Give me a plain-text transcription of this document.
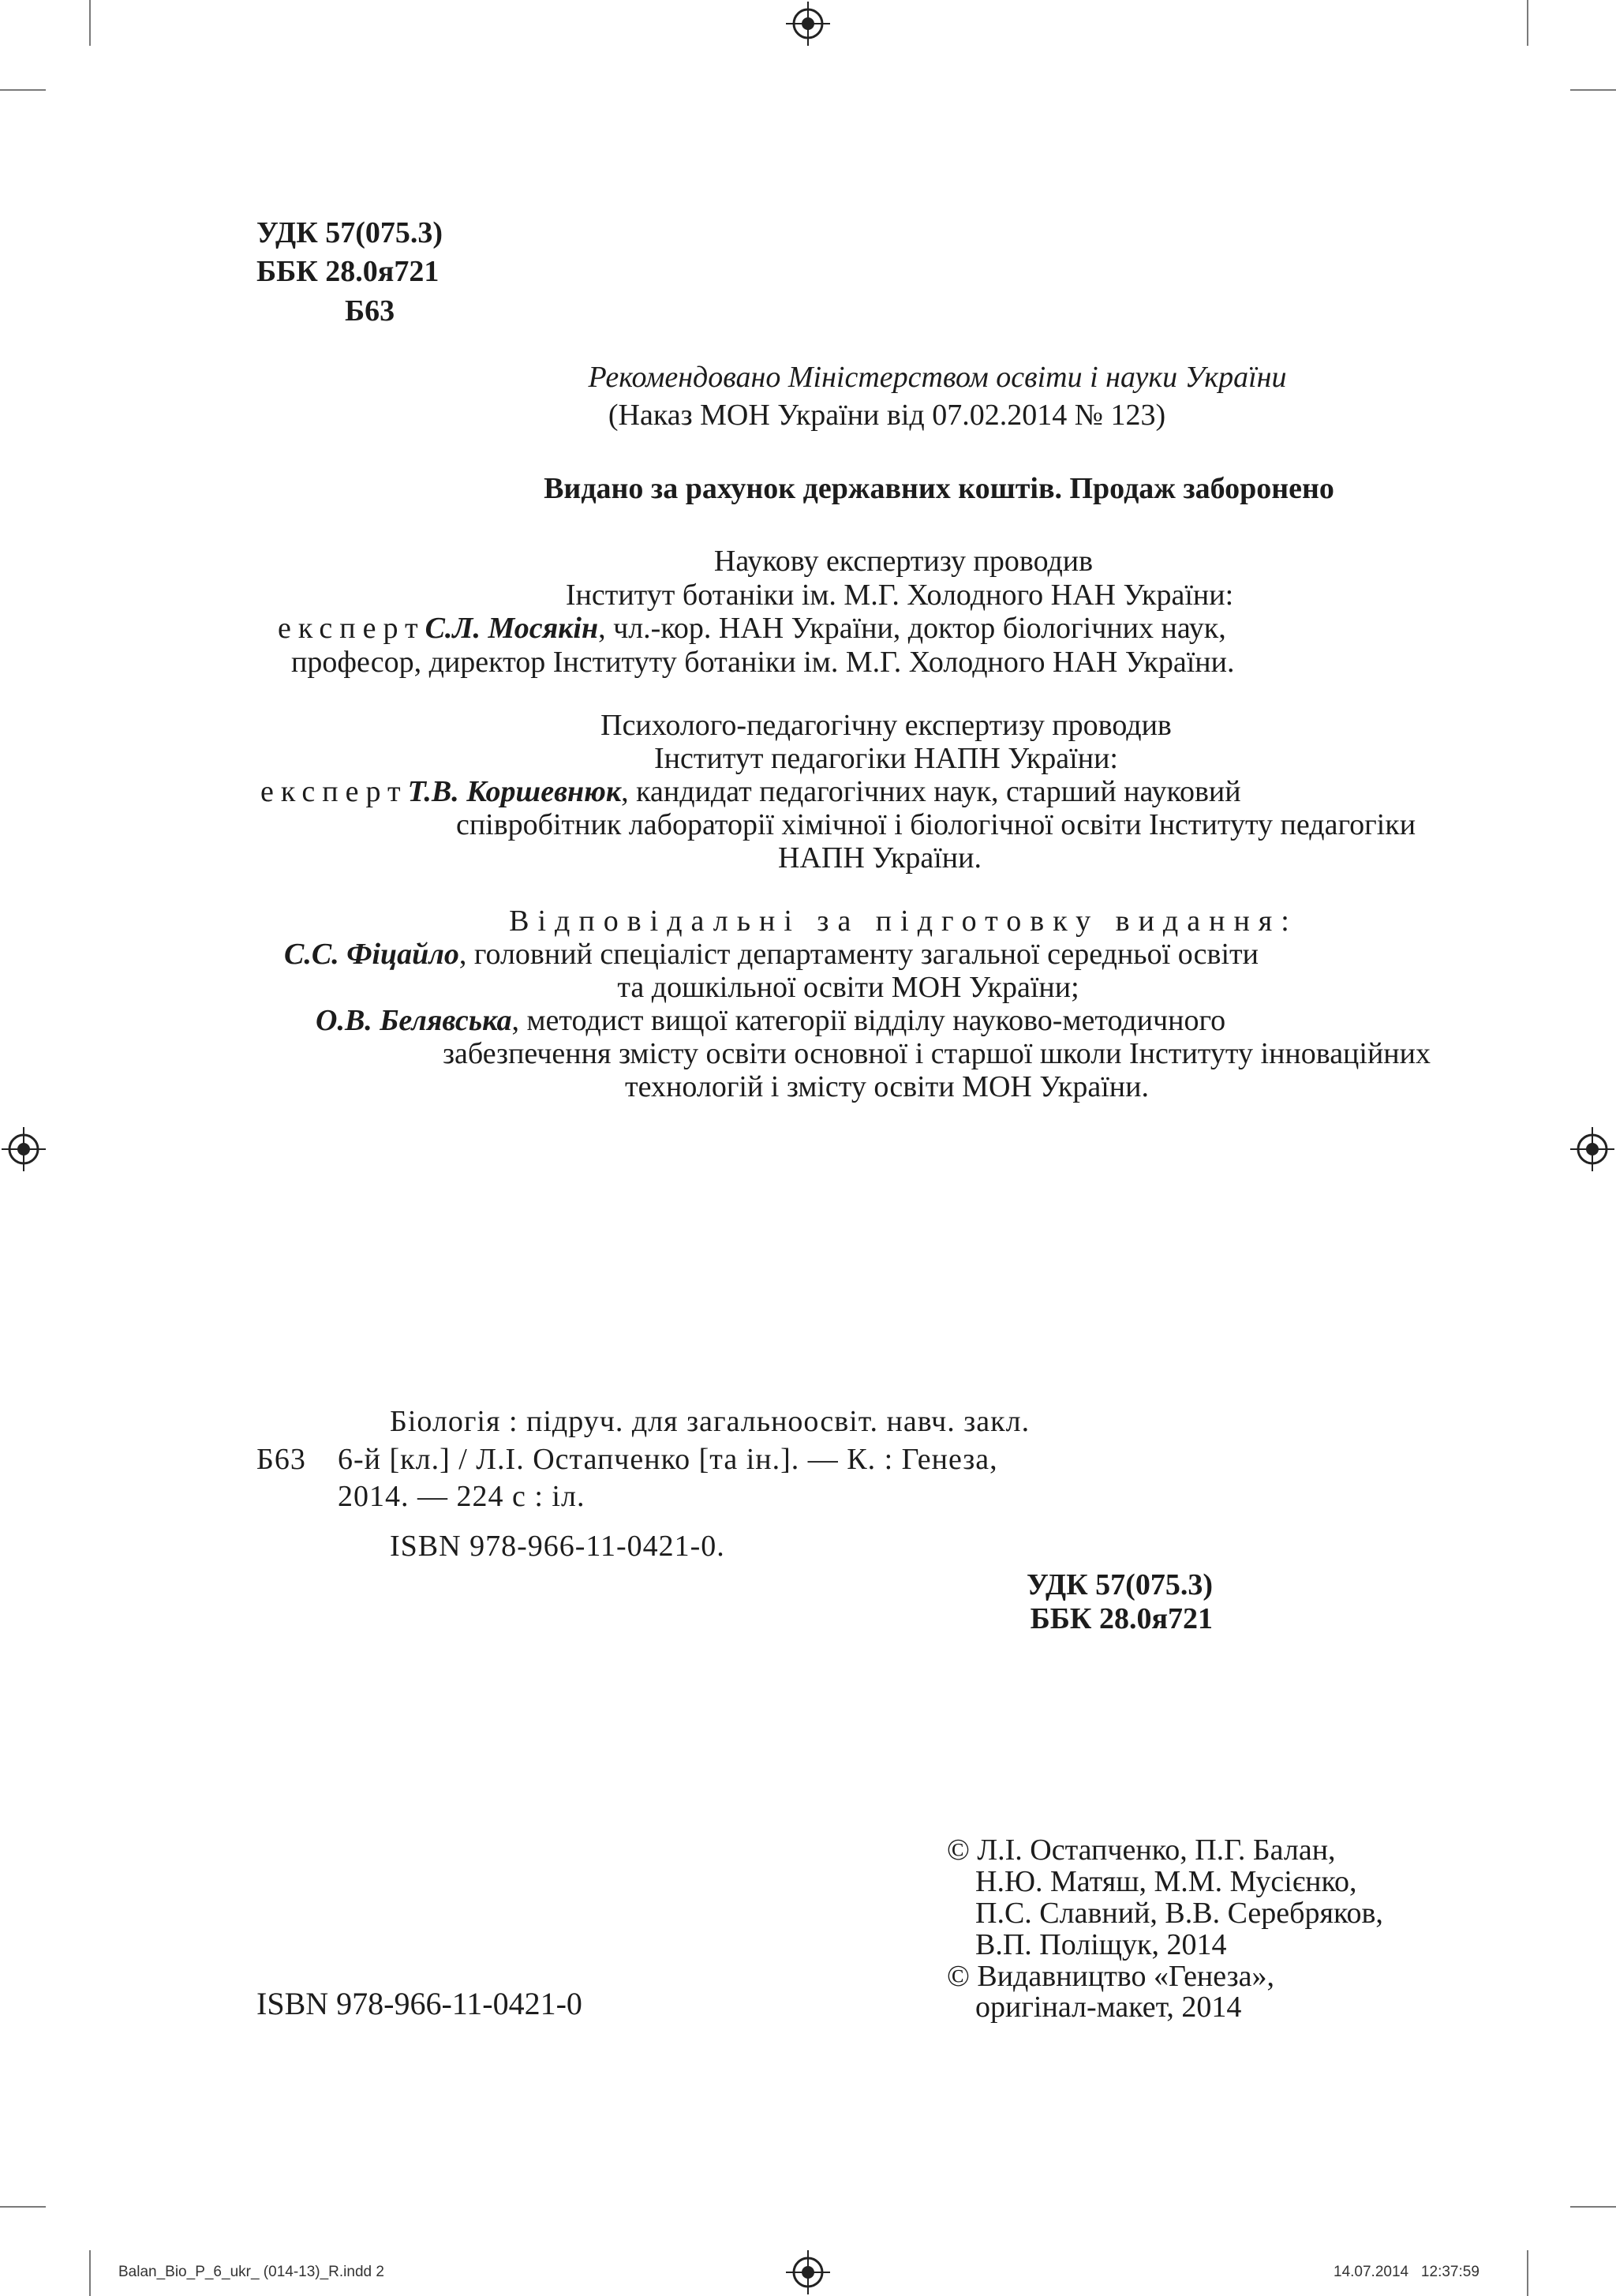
УДК 57(075.3)
ББК 28.0я721
Б63
Рекомендовано Міністерством освіти і науки України
(Наказ МОН України від 07.02.2014 № 123)
Видано за рахунок державних коштів. Продаж заборонено
Наукову експертизу проводив
Інститут ботаніки ім. М.Г. Холодного НАН України:
експертС.Л. Мосякін, чл.-кор. НАН України, доктор біологічних наук,
професор, директор Інституту ботаніки ім. М.Г. Холодного НАН України.
Психолого-педагогічну експертизу проводив
Інститут педагогіки НАПН України:
експертТ.В. Коршевнюк, кандидат педагогічних наук, старший науковий
співробітник лабораторії хімічної і біологічної освіти Інституту педагогіки
НАПН України.
Відповідальні за підготовку видання:
С.С. Фіцайло, головний спеціаліст департаменту загальної середньої освіти
та дошкільної освіти МОН України;
О.В. Белявська, методист вищої категорії відділу науково-методичного
забезпечення змісту освіти основної і старшої школи Інституту інноваційних
технологій і змісту освіти МОН України.
Біологія : підруч. для загальноосвіт. навч. закл.
Б63 6-й [кл.] / Л.І. Остапченко [та ін.]. — К. : Генеза,
2014. — 224 с : іл.
ISBN 978-966-11-0421-0.
УДК 57(075.3)
ББК 28.0я721
© Л.І. Остапченко, П.Г. Балан,
Н.Ю. Матяш, М.М. Мусієнко,
П.С. Славний, В.В. Серебряков,
В.П. Поліщук, 2014
© Видавництво «Генеза»,
оригінал-макет, 2014
ISBN 978-966-11-0421-0
Balan_Bio_P_6_ukr_ (014-13)_R.indd 2	14.07.2014   12:37:59
